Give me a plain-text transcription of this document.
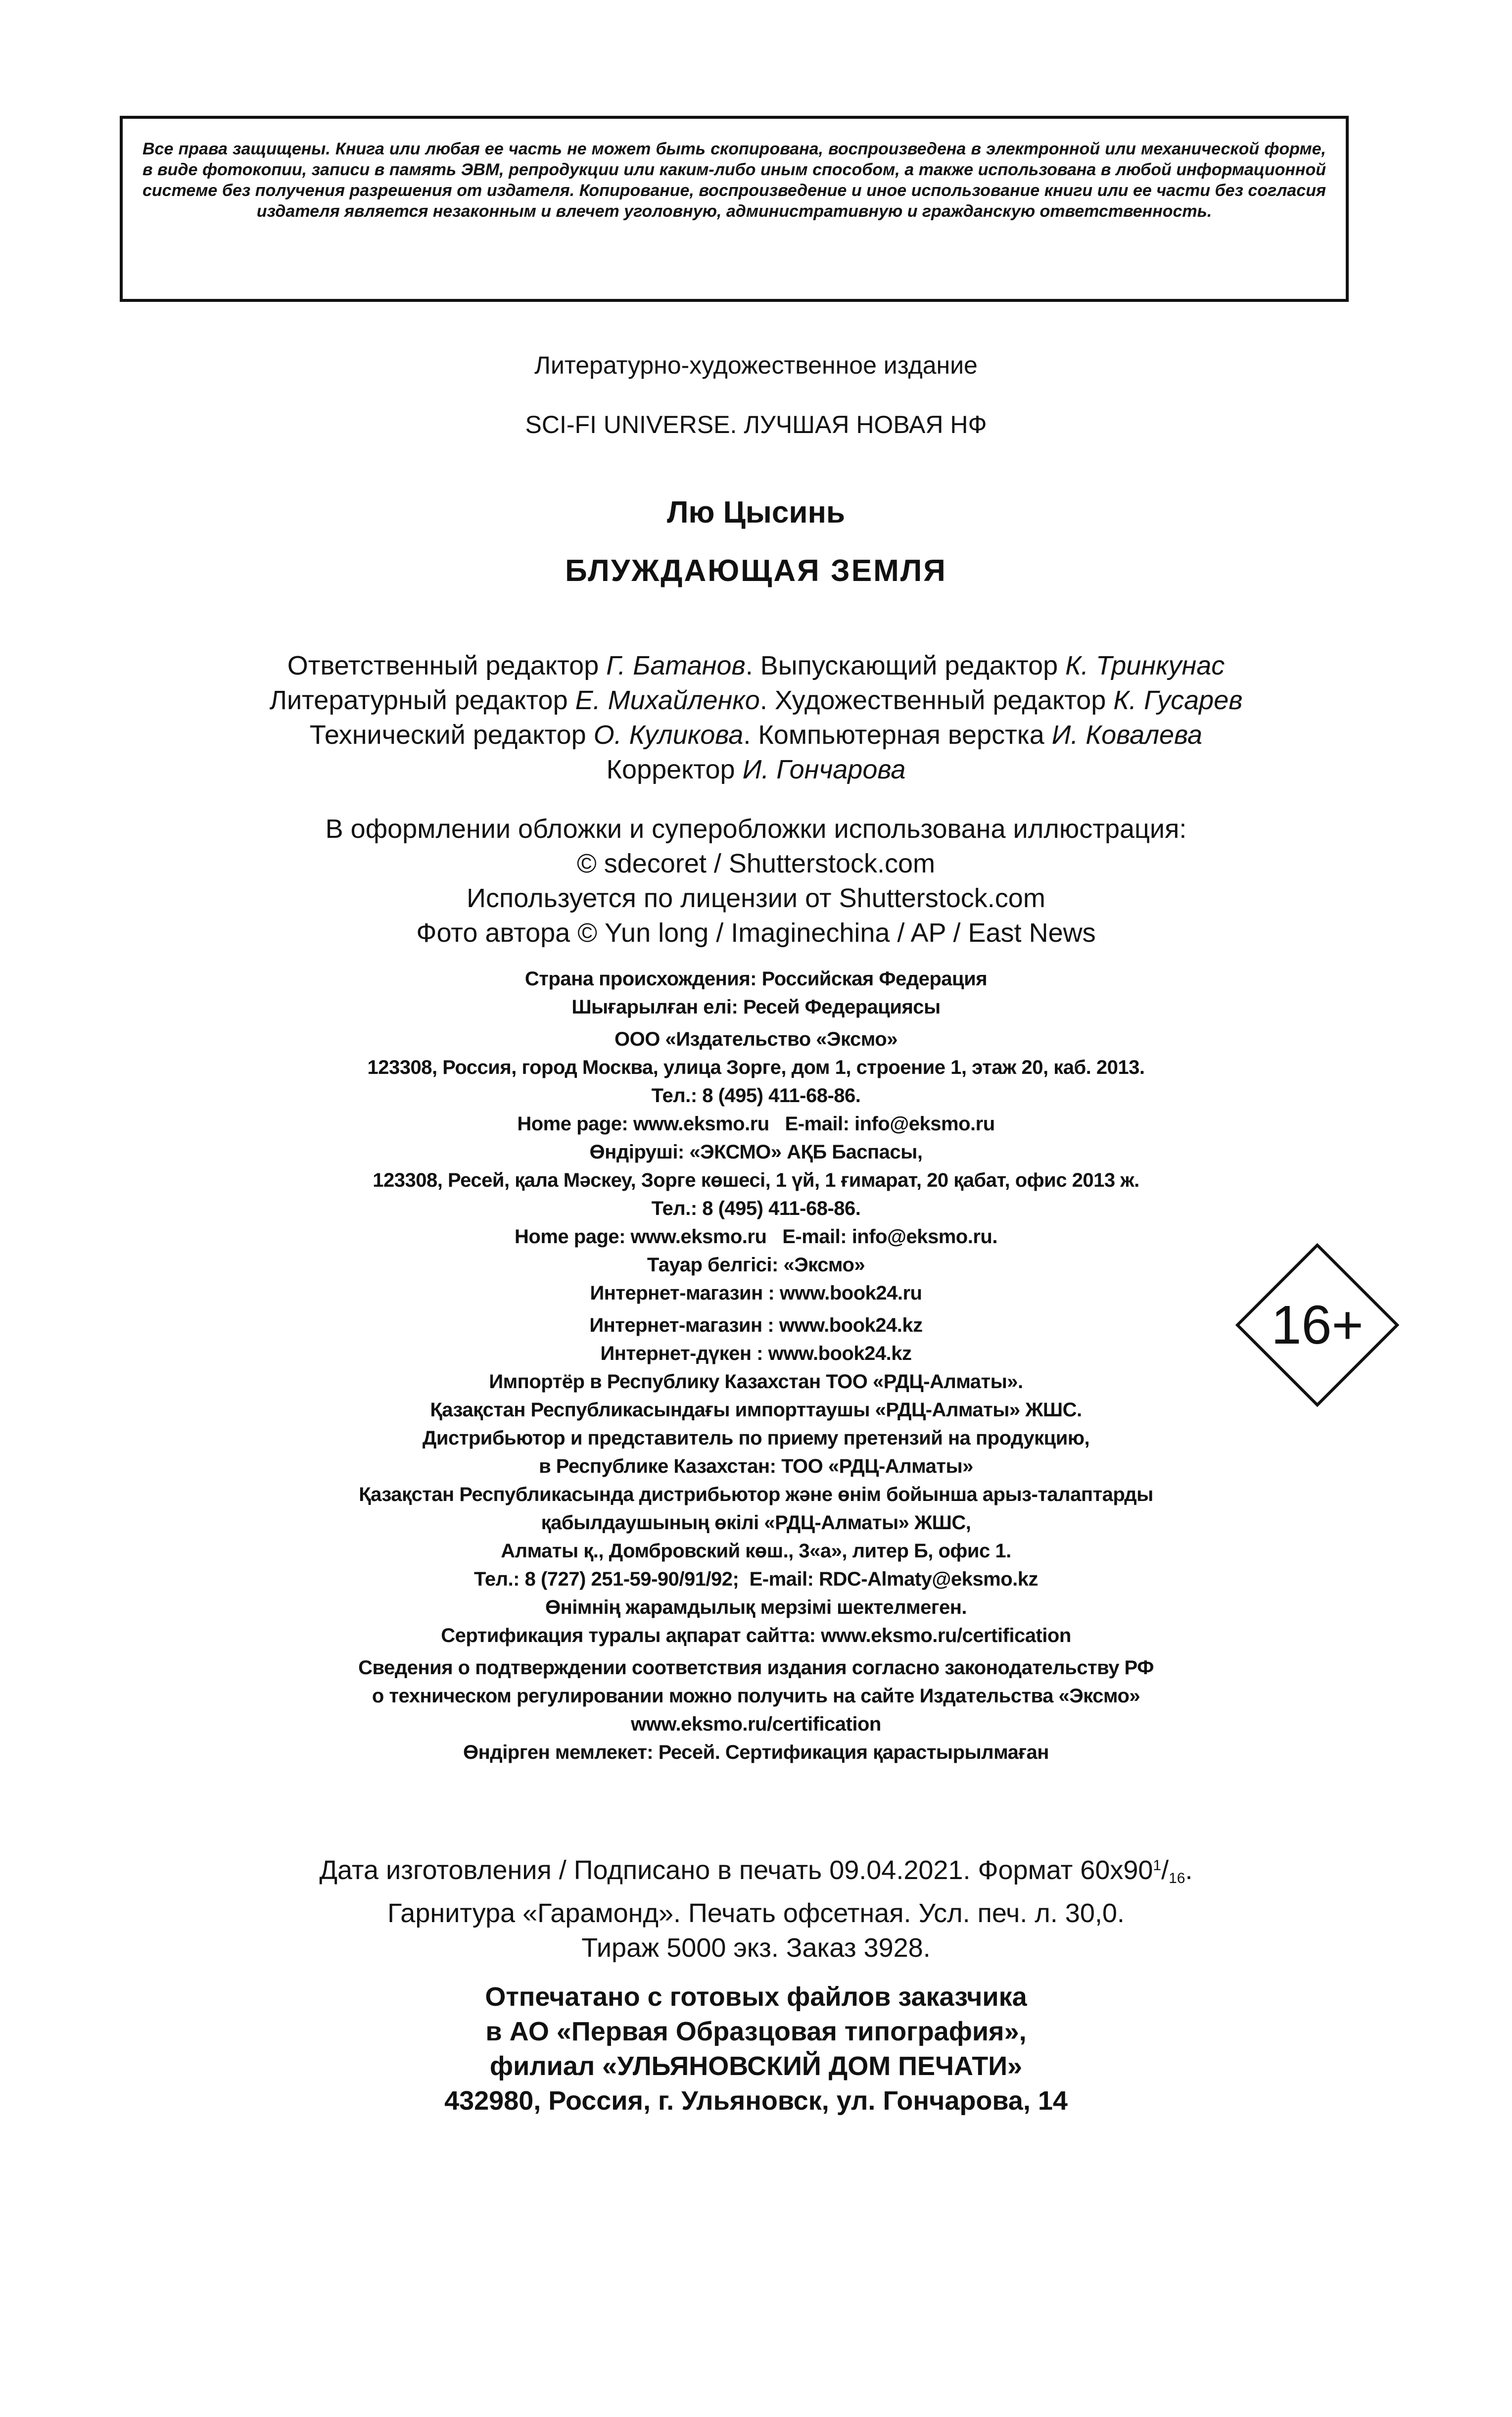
Все права защищены. Книга или любая ее часть не может быть скопирована, воспроизведена в электронной или механической форме, в виде фотокопии, записи в память ЭВМ, репродукции или каким-либо иным способом, а также использована в любой информационной системе без получения разрешения от издателя. Копирование, воспроизведение и иное использование книги или ее части без согласия издателя является незаконным и влечет уголовную, административную и гражданскую ответственность.

Литературно-художественное издание
SCI-FI UNIVERSE. ЛУЧШАЯ НОВАЯ НФ
Лю Цысинь
БЛУЖДАЮЩАЯ ЗЕМЛЯ
Ответственный редактор Г. Батанов. Выпускающий редактор К. Тринкунас
Литературный редактор Е. Михайленко. Художественный редактор К. Гусарев
Технический редактор О. Куликова. Компьютерная верстка И. Ковалева
Корректор И. Гончарова
В оформлении обложки и суперобложки использована иллюстрация:
© sdecoret / Shutterstock.com
Используется по лицензии от Shutterstock.com
Фото автора © Yun long / Imaginechina / AP / East News
Страна происхождения: Российская Федерация
Шығарылған елі: Ресей Федерациясы
ООО «Издательство «Эксмо»
123308, Россия, город Москва, улица Зорге, дом 1, строение 1, этаж 20, каб. 2013.
Тел.: 8 (495) 411-68-86.
Home page: www.eksmo.ru   E-mail: info@eksmo.ru
Өндіруші: «ЭКСМО» АҚБ Баспасы,
123308, Ресей, қала Мәскеу, Зорге көшесі, 1 үй, 1 ғимарат, 20 қабат, офис 2013 ж.
Тел.: 8 (495) 411-68-86.
Home page: www.eksmo.ru   E-mail: info@eksmo.ru.
Тауар белгісі: «Эксмо»
Интернет-магазин : www.book24.ru
Интернет-магазин : www.book24.kz
Интернет-дүкен : www.book24.kz
Импортёр в Республику Казахстан ТОО «РДЦ-Алматы».
Қазақстан Республикасындағы импорттаушы «РДЦ-Алматы» ЖШС.
Дистрибьютор и представитель по приему претензий на продукцию,
в Республике Казахстан: ТОО «РДЦ-Алматы»
Қазақстан Республикасында дистрибьютор және өнім бойынша арыз-талаптарды
қабылдаушының өкілі «РДЦ-Алматы» ЖШС,
Алматы қ., Домбровский көш., 3«а», литер Б, офис 1.
Тел.: 8 (727) 251-59-90/91/92;  E-mail: RDC-Almaty@eksmo.kz
Өнімнің жарамдылық мерзімі шектелмеген.
Сертификация туралы ақпарат сайтта: www.eksmo.ru/certification
Сведения о подтверждении соответствия издания согласно законодательству РФ
о техническом регулировании можно получить на сайте Издательства «Эксмо»
www.eksmo.ru/certification
Өндірген мемлекет: Ресей. Сертификация қарастырылмаған
16+
Дата изготовления / Подписано в печать 09.04.2021. Формат $60х90^1/_{16}$.
Гарнитура «Гарамонд». Печать офсетная. Усл. печ. л. 30,0.
Тираж 5000 экз. Заказ 3928.
Отпечатано с готовых файлов заказчика
в АО «Первая Образцовая типография»,
филиал «УЛЬЯНОВСКИЙ ДОМ ПЕЧАТИ»
432980, Россия, г. Ульяновск, ул. Гончарова, 14
